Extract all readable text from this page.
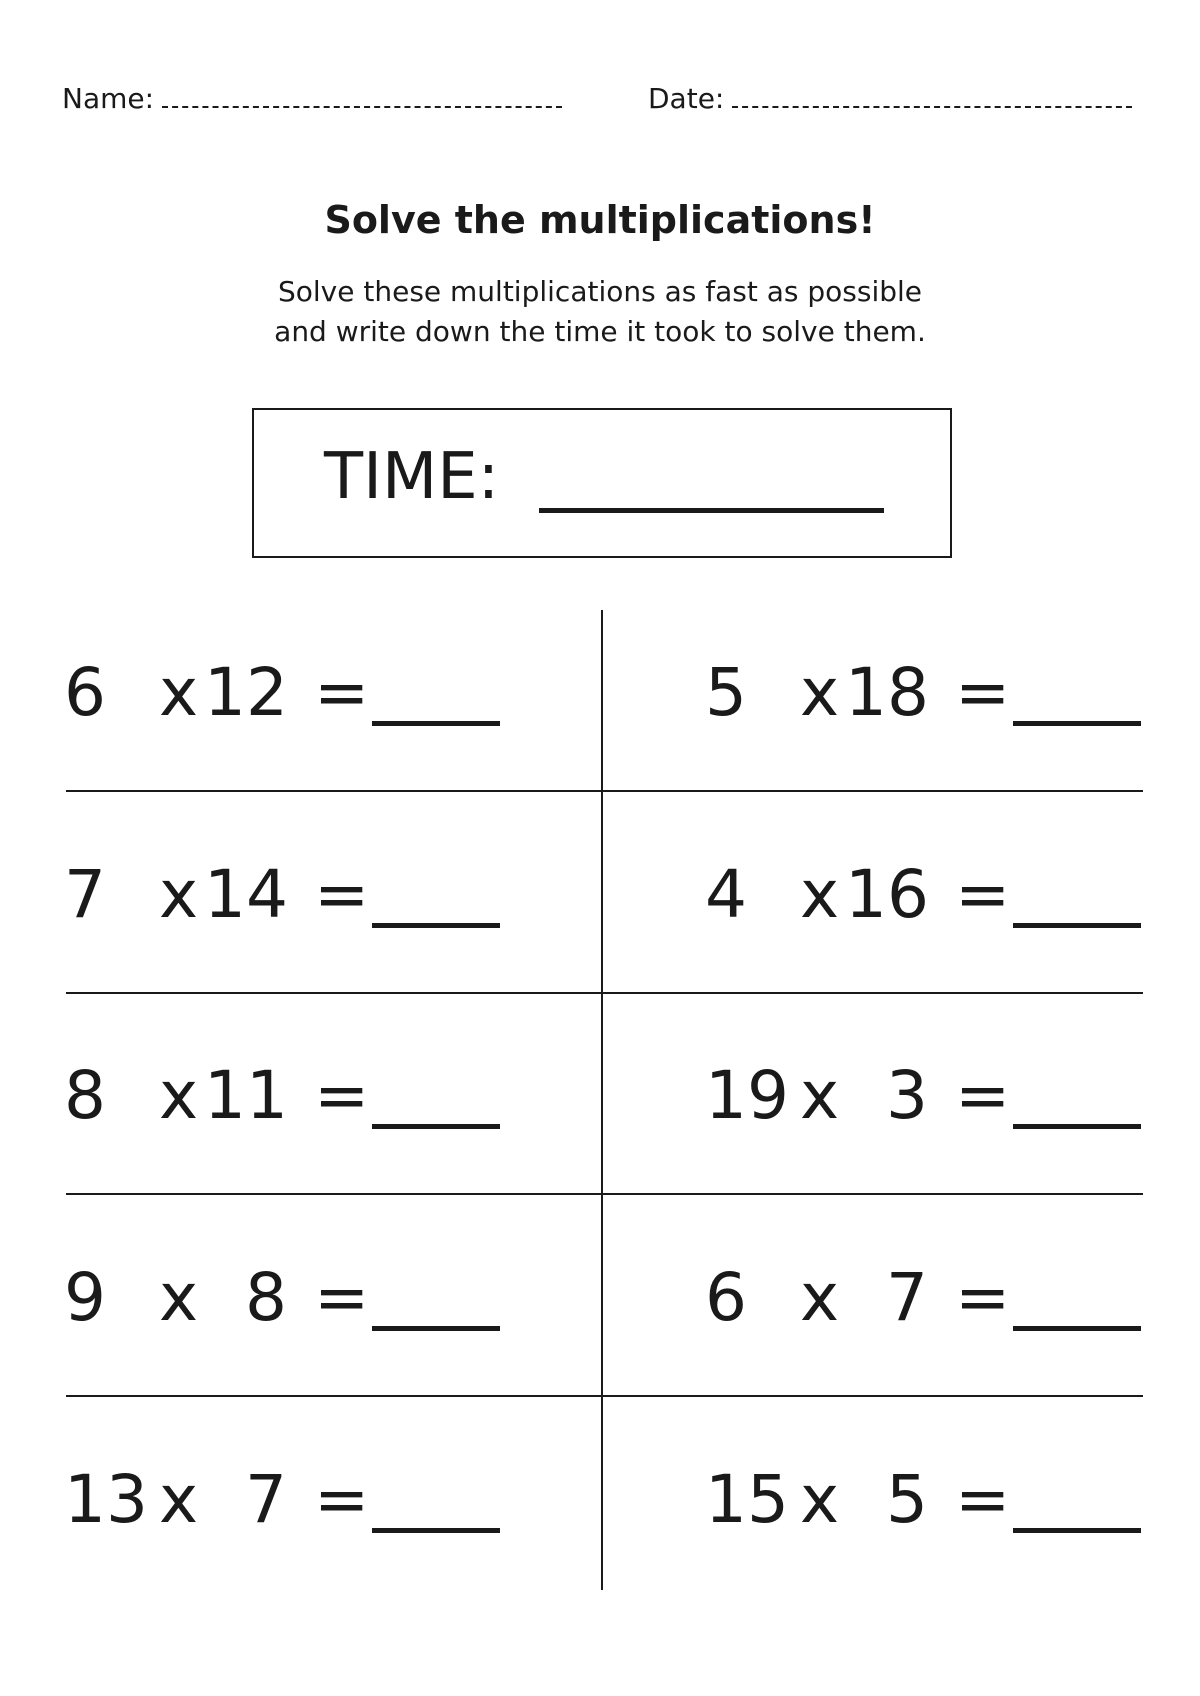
Name:	Date:
Solve the multiplications!
Solve these multiplications as fast as possible
and write down the time it took to solve them.
TIME:
6 x 12 =
7 x 14 =
8 x 11 =
9 x 8 =
13 x 7 =
5 x 18 =
4 x 16 =
19 x 3 =
6 x 7 =
15 x 5 =
